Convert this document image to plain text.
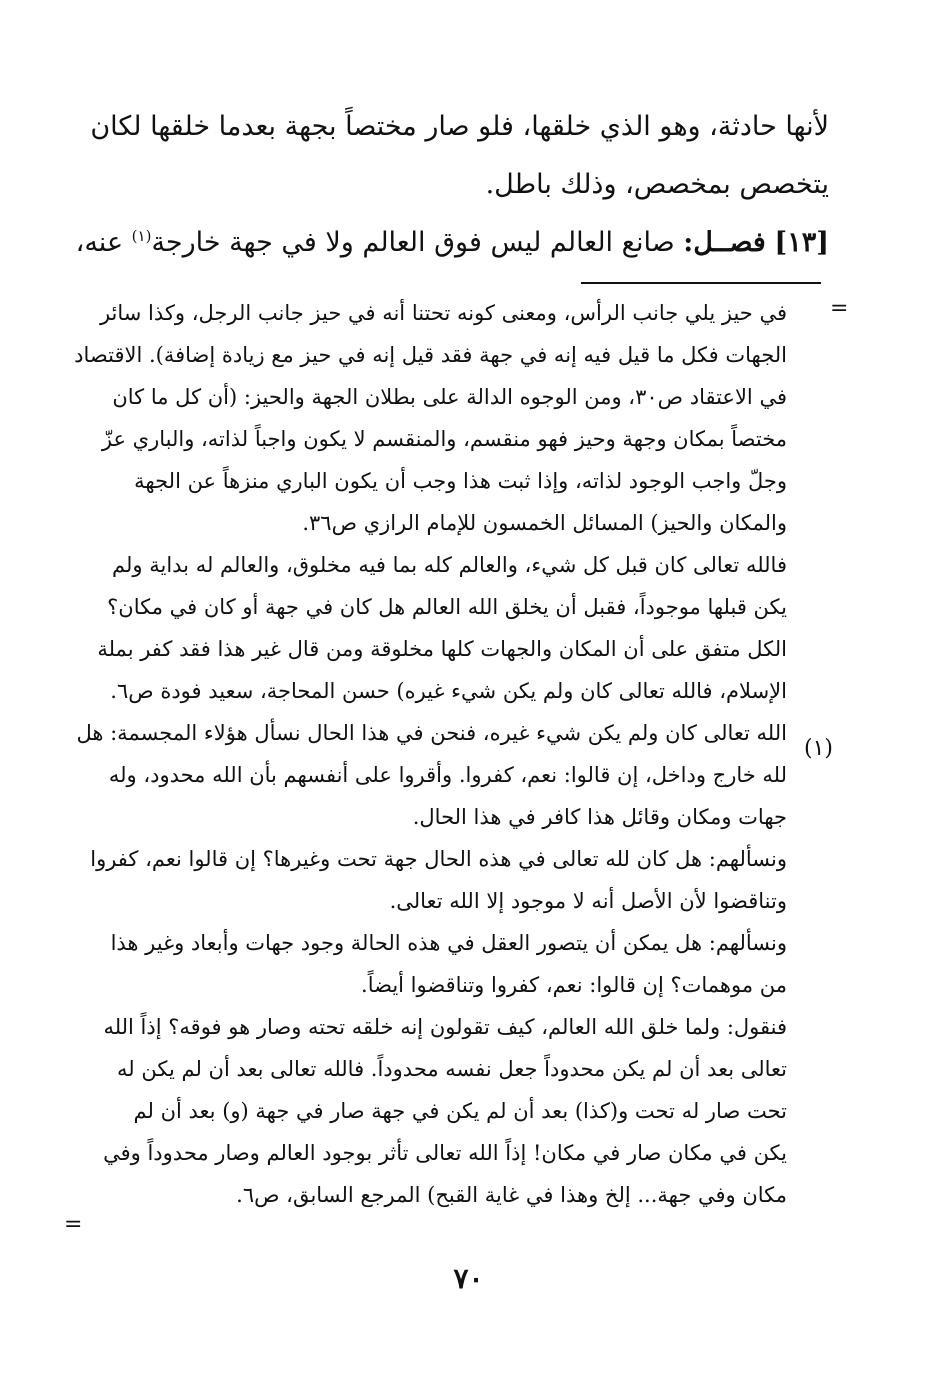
لأنها حادثة، وهو الذي خلقها، فلو صار مختصاً بجهة بعدما خلقها لكان
يتخصص بمخصص، وذلك باطل.
[١٣] فصــل: صانع العالم ليس فوق العالم ولا في جهة خارجة$^{(١)}$ عنه،
=
في حيز يلي جانب الرأس، ومعنى كونه تحتنا أنه في حيز جانب الرجل، وكذا سائر
الجهات فكل ما قيل فيه إنه في جهة فقد قيل إنه في حيز مع زيادة إضافة). الاقتصاد
في الاعتقاد ص٣٠، ومن الوجوه الدالة على بطلان الجهة والحيز: (أن كل ما كان
مختصاً بمكان وجهة وحيز فهو منقسم، والمنقسم لا يكون واجباً لذاته، والباري عزّ
وجلّ واجب الوجود لذاته، وإذا ثبت هذا وجب أن يكون الباري منزهاً عن الجهة
والمكان والحيز) المسائل الخمسون للإمام الرازي ص٣٦.
فالله تعالى كان قبل كل شيء، والعالم كله بما فيه مخلوق، والعالم له بداية ولم
يكن قبلها موجوداً، فقبل أن يخلق الله العالم هل كان في جهة أو كان في مكان؟
الكل متفق على أن المكان والجهات كلها مخلوقة ومن قال غير هذا فقد كفر بملة
الإسلام، فالله تعالى كان ولم يكن شيء غيره) حسن المحاجة، سعيد فودة ص٦.
الله تعالى كان ولم يكن شيء غيره، فنحن في هذا الحال نسأل هؤلاء المجسمة: هل
لله خارج وداخل، إن قالوا: نعم، كفروا. وأقروا على أنفسهم بأن الله محدود، وله
جهات ومكان وقائل هذا كافر في هذا الحال.
ونسألهم: هل كان لله تعالى في هذه الحال جهة تحت وغيرها؟ إن قالوا نعم، كفروا
وتناقضوا لأن الأصل أنه لا موجود إلا الله تعالى.
ونسألهم: هل يمكن أن يتصور العقل في هذه الحالة وجود جهات وأبعاد وغير هذا
من موهمات؟ إن قالوا: نعم، كفروا وتناقضوا أيضاً.
فنقول: ولما خلق الله العالم، كيف تقولون إنه خلقه تحته وصار هو فوقه؟ إذاً الله
تعالى بعد أن لم يكن محدوداً جعل نفسه محدوداً. فالله تعالى بعد أن لم يكن له
تحت صار له تحت و(كذا) بعد أن لم يكن في جهة صار في جهة (و) بعد أن لم
يكن في مكان صار في مكان! إذاً الله تعالى تأثر بوجود العالم وصار محدوداً وفي
مكان وفي جهة... إلخ وهذا في غاية القبح) المرجع السابق، ص٦.
(١)
=
٧٠
